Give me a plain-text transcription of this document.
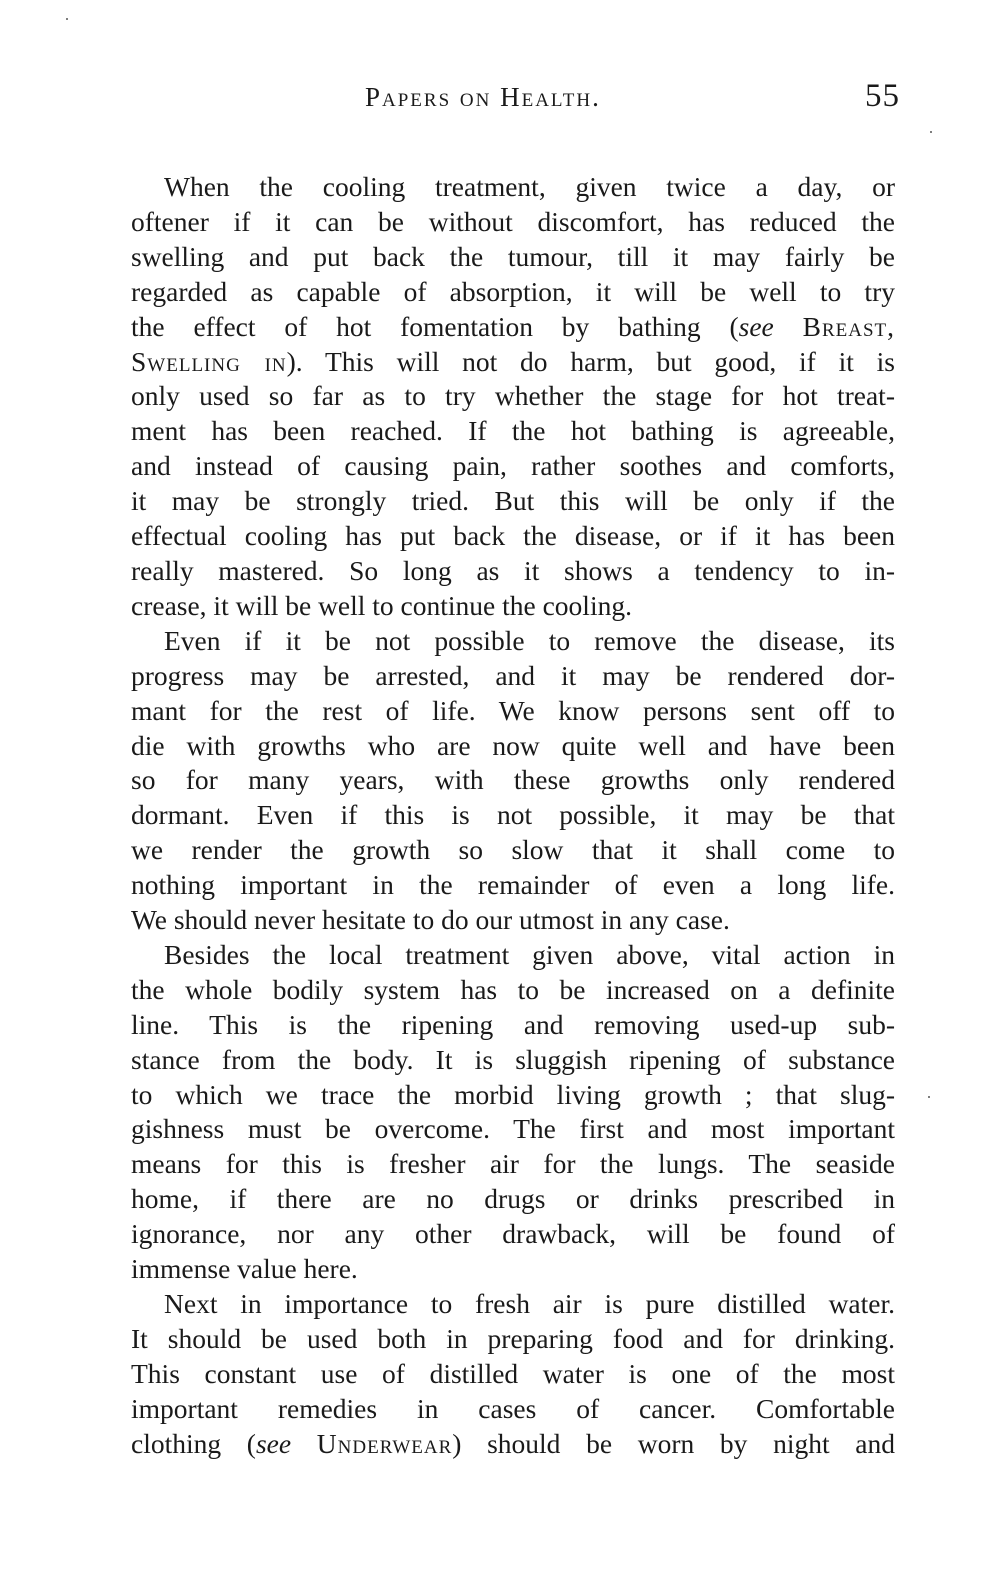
Papers on Health.	55

When the cooling treatment, given twice a day, or
oftener if it can be without discomfort, has reduced the
swelling and put back the tumour, till it may fairly be
regarded as capable of absorption, it will be well to try
the effect of hot fomentation by bathing (see Breast,
Swelling in). This will not do harm, but good, if it is
only used so far as to try whether the stage for hot treat-
ment has been reached. If the hot bathing is agreeable,
and instead of causing pain, rather soothes and comforts,
it may be strongly tried. But this will be only if the
effectual cooling has put back the disease, or if it has been
really mastered. So long as it shows a tendency to in-
crease, it will be well to continue the cooling.

Even if it be not possible to remove the disease, its
progress may be arrested, and it may be rendered dor-
mant for the rest of life. We know persons sent off to
die with growths who are now quite well and have been
so for many years, with these growths only rendered
dormant. Even if this is not possible, it may be that
we render the growth so slow that it shall come to
nothing important in the remainder of even a long life.
We should never hesitate to do our utmost in any case.

Besides the local treatment given above, vital action in
the whole bodily system has to be increased on a definite
line. This is the ripening and removing used-up sub-
stance from the body. It is sluggish ripening of substance
to which we trace the morbid living growth ; that slug-
gishness must be overcome. The first and most important
means for this is fresher air for the lungs. The seaside
home, if there are no drugs or drinks prescribed in
ignorance, nor any other drawback, will be found of
immense value here.

Next in importance to fresh air is pure distilled water.
It should be used both in preparing food and for drinking.
This constant use of distilled water is one of the most
important remedies in cases of cancer. Comfortable
clothing (see Underwear) should be worn by night and
